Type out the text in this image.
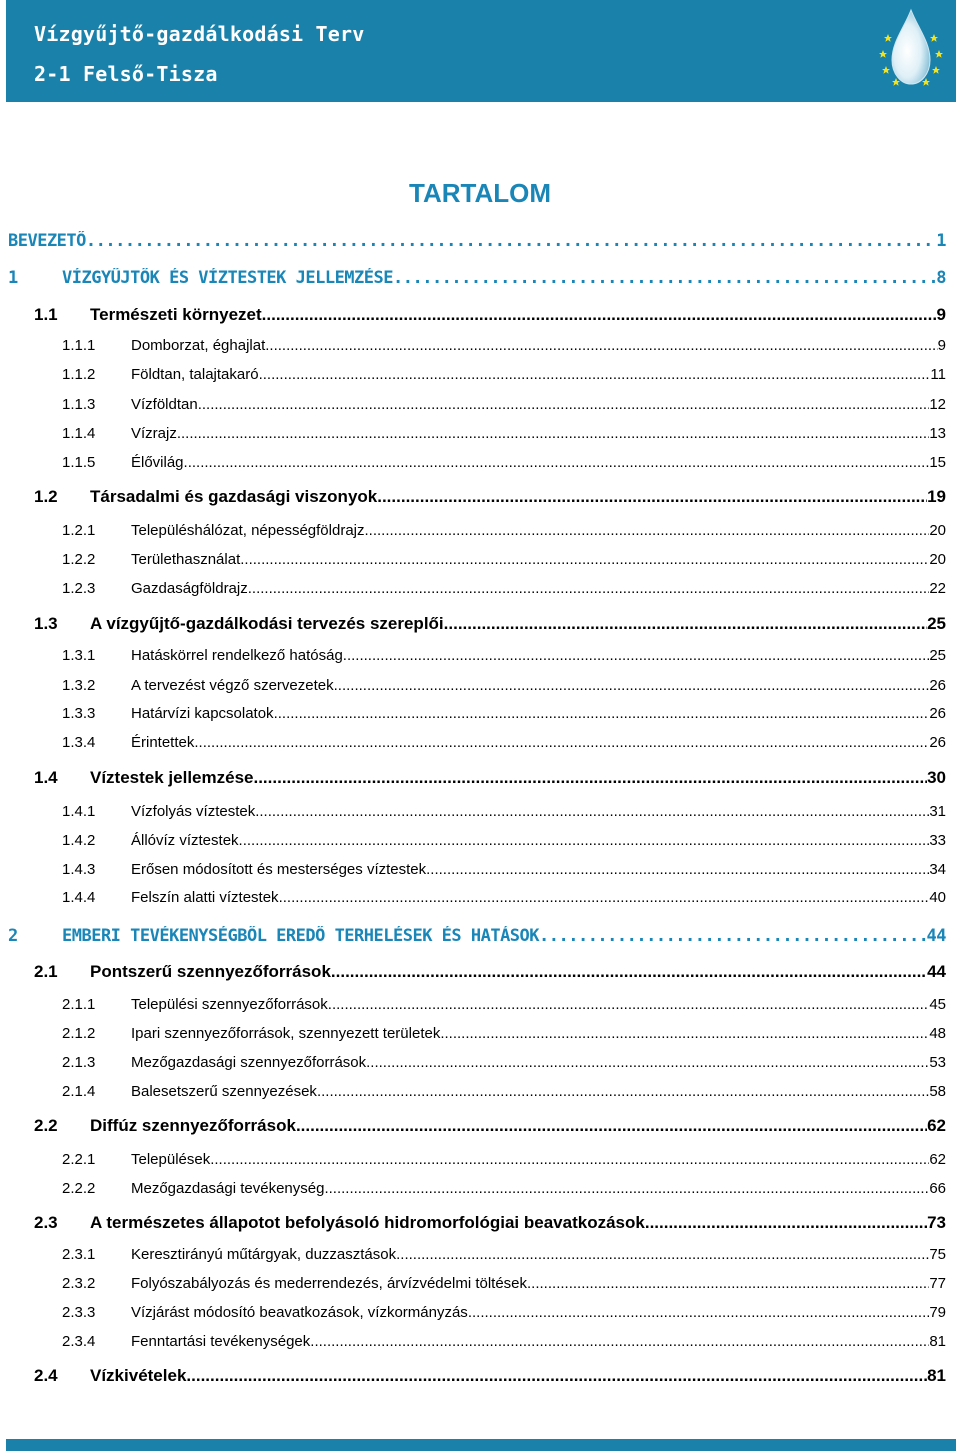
Vízgyűjtő-gazdálkodási Terv
2-1 Felső-Tisza
TARTALOM
BEVEZETŐ .....	1
1	VÍZGYŰJTŐK ÉS VÍZTESTEK JELLEMZÉSE .....	8
1.1 Természeti környezet .....	9
1.1.1 Domborzat, éghajlat .....	9
1.1.2 Földtan, talajtakaró .....	11
1.1.3 Vízföldtan .....	12
1.1.4 Vízrajz .....	13
1.1.5 Élővilág .....	15
1.2 Társadalmi és gazdasági viszonyok .....	19
1.2.1 Településhálózat, népességföldrajz .....	20
1.2.2 Területhasználat .....	20
1.2.3 Gazdaságföldrajz .....	22
1.3 A vízgyűjtő-gazdálkodási tervezés szereplői .....	25
1.3.1 Hatáskörrel rendelkező hatóság .....	25
1.3.2 A tervezést végző szervezetek .....	26
1.3.3 Határvízi kapcsolatok .....	26
1.3.4 Érintettek .....	26
1.4 Víztestek jellemzése .....	30
1.4.1 Vízfolyás víztestek .....	31
1.4.2 Állóvíz víztestek .....	33
1.4.3 Erősen módosított és mesterséges víztestek .....	34
1.4.4 Felszín alatti víztestek .....	40
2	EMBERI TEVÉKENYSÉGBŐL EREDŐ TERHELÉSEK ÉS HATÁSOK .....	44
2.1 Pontszerű szennyezőforrások .....	44
2.1.1 Települési szennyezőforrások .....	45
2.1.2 Ipari szennyezőforrások, szennyezett területek .....	48
2.1.3 Mezőgazdasági szennyezőforrások .....	53
2.1.4 Balesetszerű szennyezések .....	58
2.2 Diffúz szennyezőforrások .....	62
2.2.1 Települések .....	62
2.2.2 Mezőgazdasági tevékenység .....	66
2.3 A természetes állapotot befolyásoló hidromorfológiai beavatkozások .....	73
2.3.1 Keresztirányú műtárgyak, duzzasztások .....	75
2.3.2 Folyószabályozás és mederrendezés, árvízvédelmi töltések .....	77
2.3.3 Vízjárást módosító beavatkozások, vízkormányzás .....	79
2.3.4 Fenntartási tevékenységek .....	81
2.4 Vízkivételek .....	81
